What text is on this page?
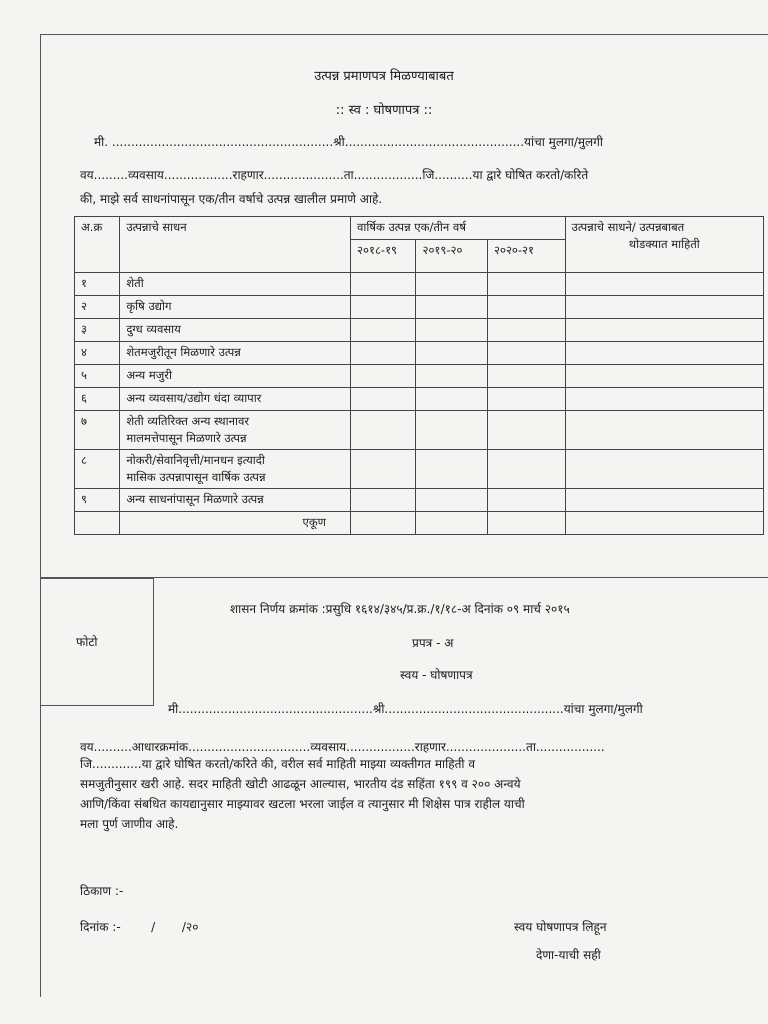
उत्पन्न प्रमाणपत्र मिळण्याबाबत
:: स्व : घोषणापत्र ::
मी. ..........................................................श्री...............................................यांचा मुलगा/मुलगी
वय.........व्यवसाय..................राहणार.....................ता..................जि..........या द्वारे घोषित करतो/करिते
की, माझे सर्व साधनांपासून एक/तीन वर्षाचे उत्पन्न खालील प्रमाणे आहे.
अ.क्र	उत्पन्नाचे साधन	वार्षिक उत्पन्न एक/तीन वर्ष			उत्पन्नाचे साधने/ उत्पन्नबाबत
थोडक्यात माहिती

		२०१८-१९	२०१९-२०	२०२०-२१	
१	शेती				
२	कृषि उद्योग				
३	दुग्ध व्यवसाय				
४	शेतमजुरीतून मिळणारे उत्पन्न				
५	अन्य मजुरी				
६	अन्य व्यवसाय/उद्योग धंदा व्यापार				
७	शेती व्यतिरिक्त अन्य स्थानावर
मालमत्तेपासून मिळणारे उत्पन्न				

८	नोकरी/सेवानिवृत्ती/मानधन इत्यादी
मासिक उत्पन्नापासून वार्षिक उत्पन्न				

९	अन्य साधनांपासून मिळणारे उत्पन्न				
	एकूण				
फोटो
शासन निर्णय क्रमांक :प्रसुधि १६१४/३४५/प्र.क्र./१/१८-अ दिनांक ०९ मार्च २०१५
प्रपत्र - अ
स्वय - घोषणापत्र
मी...................................................श्री...............................................यांचा मुलगा/मुलगी
वय..........आधारक्रमांक................................व्यवसाय..................राहणार.....................ता..................
जि.............या द्वारे घोषित करतो/करिते की, वरील सर्व माहिती माझ्या व्यक्तीगत माहिती व
समजुतीनुसार खरी आहे. सदर माहिती खोटी आढळून आल्यास, भारतीय दंड सहिंता १९९ व २०० अन्वये
आणि/किंवा संबधित कायद्यानुसार माझ्यावर खटला भरला जाईल व त्यानुसार मी शिक्षेस पात्र राहील याची
मला पुर्ण जाणीव आहे.
ठिकाण :-
दिनांक :-        /       /२०	स्वय घोषणापत्र लिहून
देणा-याची सही
